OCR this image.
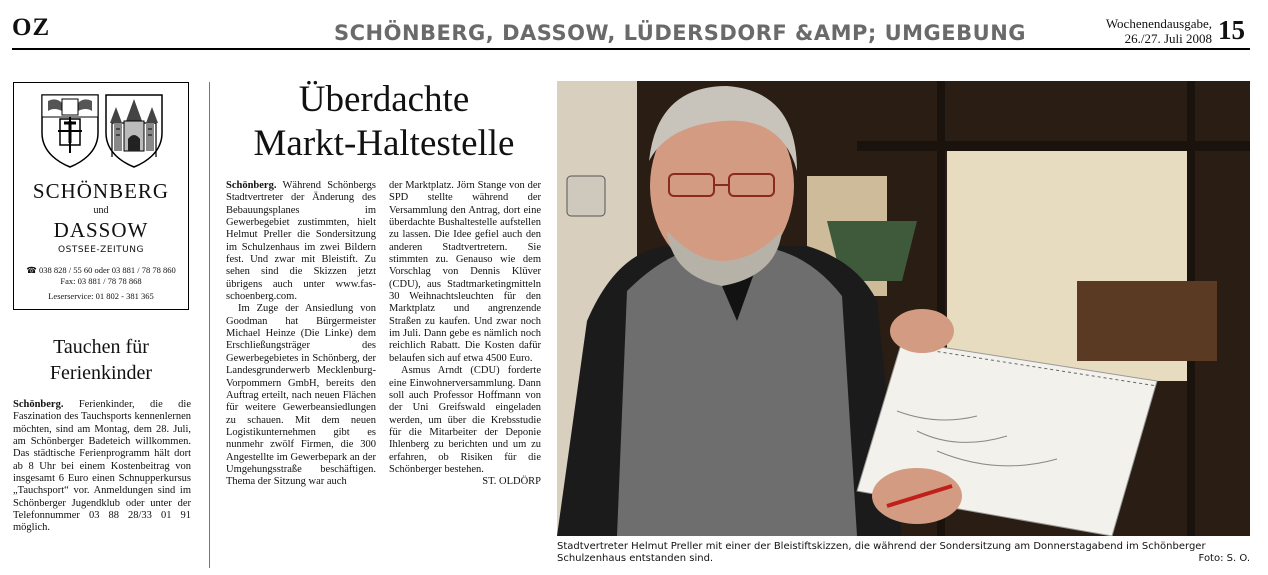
OZ	SCHÖNBERG, DASSOW, LÜDERSDORF &AMP; UMGEBUNG	Wochenendausgabe,
26./27. Juli 2008 15
SCHÖNBERG
und
DASSOW
OSTSEE-ZEITUNG
☎ 038 828 / 55 60 oder 03 881 / 78 78 860
Fax: 03 881 / 78 78 868
Leserservice: 01 802 - 381 365
Tauchen für
Ferienkinder

Schönberg. Ferienkinder, die die Faszination des Tauchsports kennenlernen möchten, sind am Montag, dem 28. Juli, am Schönberger Badeteich willkommen. Das städtische Ferienprogramm hält dort ab 8 Uhr bei einem Kostenbeitrag von insgesamt 6 Euro einen Schnupperkursus „Tauchsport“ vor. Anmeldungen sind im Schönberger Jugendklub oder unter der Telefonnummer 03 88 28/33 01 91 möglich.

Überdachte
Markt-Haltestelle

Schönberg. Während Schönbergs Stadtvertreter der Änderung des Bebauungsplanes im Gewerbegebiet zustimmten, hielt Helmut Preller die Sondersitzung im Schulzenhaus im zwei Bildern fest. Und zwar mit Bleistift. Zu sehen sind die Skizzen jetzt übrigens auch unter www.fas-schoenberg.com.

Im Zuge der Ansiedlung von Goodman hat Bürgermeister Michael Heinze (Die Linke) dem Erschließungsträger des Gewerbegebietes in Schönberg, der Landesgrunderwerb Mecklenburg-Vorpommern GmbH, bereits den Auftrag erteilt, nach neuen Flächen für weitere Gewerbeansiedlungen zu schauen. Mit dem neuen Logistikunternehmen gibt es nunmehr zwölf Firmen, die 300 Angestellte im Gewerbepark an der Umgehungsstraße beschäftigen. Thema der Sitzung war auch

der Marktplatz. Jörn Stange von der SPD stellte während der Versammlung den Antrag, dort eine überdachte Bushaltestelle aufstellen zu lassen. Die Idee gefiel auch den anderen Stadtvertretern. Sie stimmten zu. Genauso wie dem Vorschlag von Dennis Klüver (CDU), aus Stadtmarketingmitteln 30 Weihnachtsleuchten für den Marktplatz und angrenzende Straßen zu kaufen. Und zwar noch im Juli. Dann gebe es nämlich noch reichlich Rabatt. Die Kosten dafür belaufen sich auf etwa 4500 Euro.

Asmus Arndt (CDU) forderte eine Einwohnerversammlung. Dann soll auch Professor Hoffmann von der Uni Greifswald eingeladen werden, um über die Krebsstudie für die Mitarbeiter der Deponie Ihlenberg zu berichten und um zu erfahren, ob Risiken für die Schönberger bestehen.
ST. OLDÖRP

Stadtvertreter Helmut Preller mit einer der Bleistiftskizzen, die während der Sondersitzung am Donnerstagabend im Schönberger Schulzenhaus entstanden sind.	Foto: S. O.
